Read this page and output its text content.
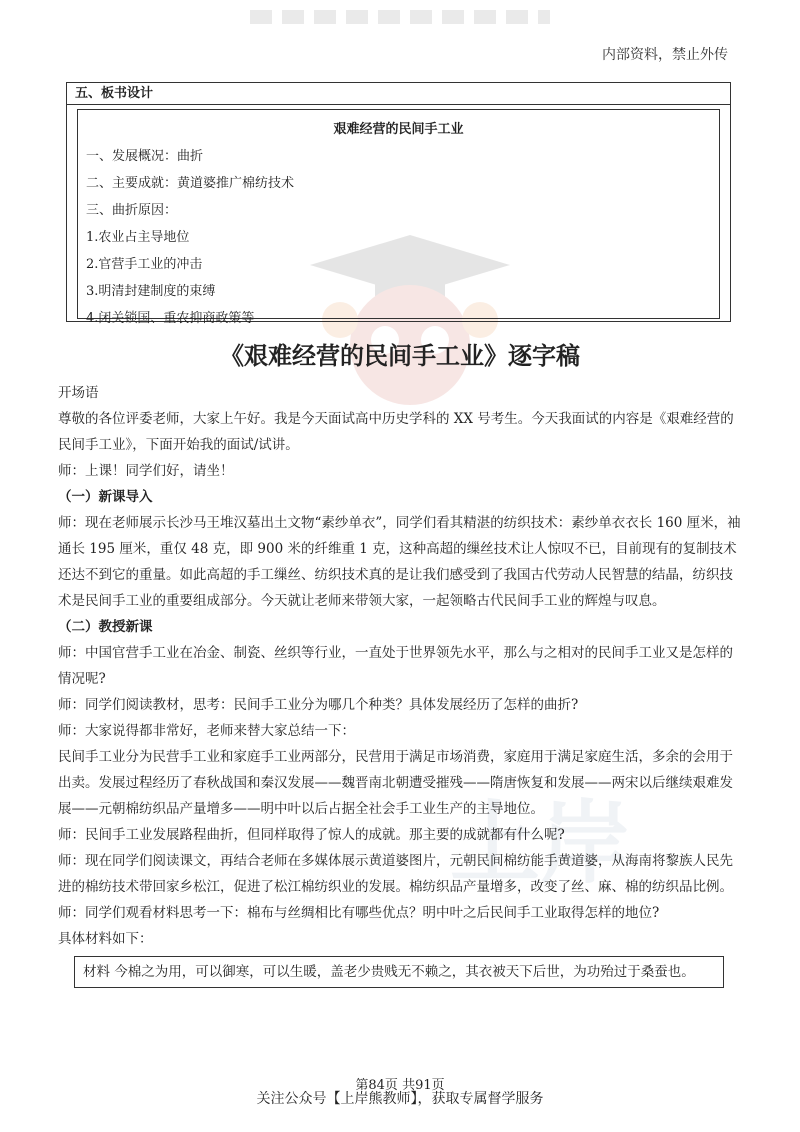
内部资料，禁止外传
上岸
五、板书设计
艰难经营的民间手工业
一、发展概况：曲折
二、主要成就：黄道婆推广棉纺技术
三、曲折原因：
1.农业占主导地位
2.官营手工业的冲击
3.明清封建制度的束缚
4.闭关锁国、重农抑商政策等
《艰难经营的民间手工业》逐字稿

开场语

尊敬的各位评委老师，大家上午好。我是今天面试高中历史学科的 XX 号考生。今天我面试的内容是《艰难经营的民间手工业》，下面开始我的面试/试讲。

师：上课！同学们好，请坐！

（一）新课导入

师：现在老师展示长沙马王堆汉墓出土文物“素纱单衣”，同学们看其精湛的纺织技术：素纱单衣衣长 160 厘米，袖通长 195 厘米，重仅 48 克，即 900 米的纤维重 1 克，这种高超的缫丝技术让人惊叹不已，目前现有的复制技术还达不到它的重量。如此高超的手工缫丝、纺织技术真的是让我们感受到了我国古代劳动人民智慧的结晶，纺织技术是民间手工业的重要组成部分。今天就让老师来带领大家，一起领略古代民间手工业的辉煌与叹息。

（二）教授新课

师：中国官营手工业在冶金、制瓷、丝织等行业，一直处于世界领先水平，那么与之相对的民间手工业又是怎样的情况呢?

师：同学们阅读教材，思考：民间手工业分为哪几个种类？具体发展经历了怎样的曲折?

师：大家说得都非常好，老师来替大家总结一下：

民间手工业分为民营手工业和家庭手工业两部分，民营用于满足市场消费，家庭用于满足家庭生活，多余的会用于出卖。发展过程经历了春秋战国和秦汉发展——魏晋南北朝遭受摧残——隋唐恢复和发展——两宋以后继续艰难发展——元朝棉纺织品产量增多——明中叶以后占据全社会手工业生产的主导地位。

师：民间手工业发展路程曲折，但同样取得了惊人的成就。那主要的成就都有什么呢?

师：现在同学们阅读课文，再结合老师在多媒体展示黄道婆图片，元朝民间棉纺能手黄道婆，从海南将黎族人民先进的棉纺技术带回家乡松江，促进了松江棉纺织业的发展。棉纺织品产量增多，改变了丝、麻、棉的纺织品比例。

师：同学们观看材料思考一下：棉布与丝绸相比有哪些优点？明中叶之后民间手工业取得怎样的地位?

具体材料如下：

材料 今棉之为用，可以御寒，可以生暖，盖老少贵贱无不赖之，其衣被天下后世，为功殆过于桑蚕也。
第84页 共91页
关注公众号【上岸熊教师】，获取专属督学服务
